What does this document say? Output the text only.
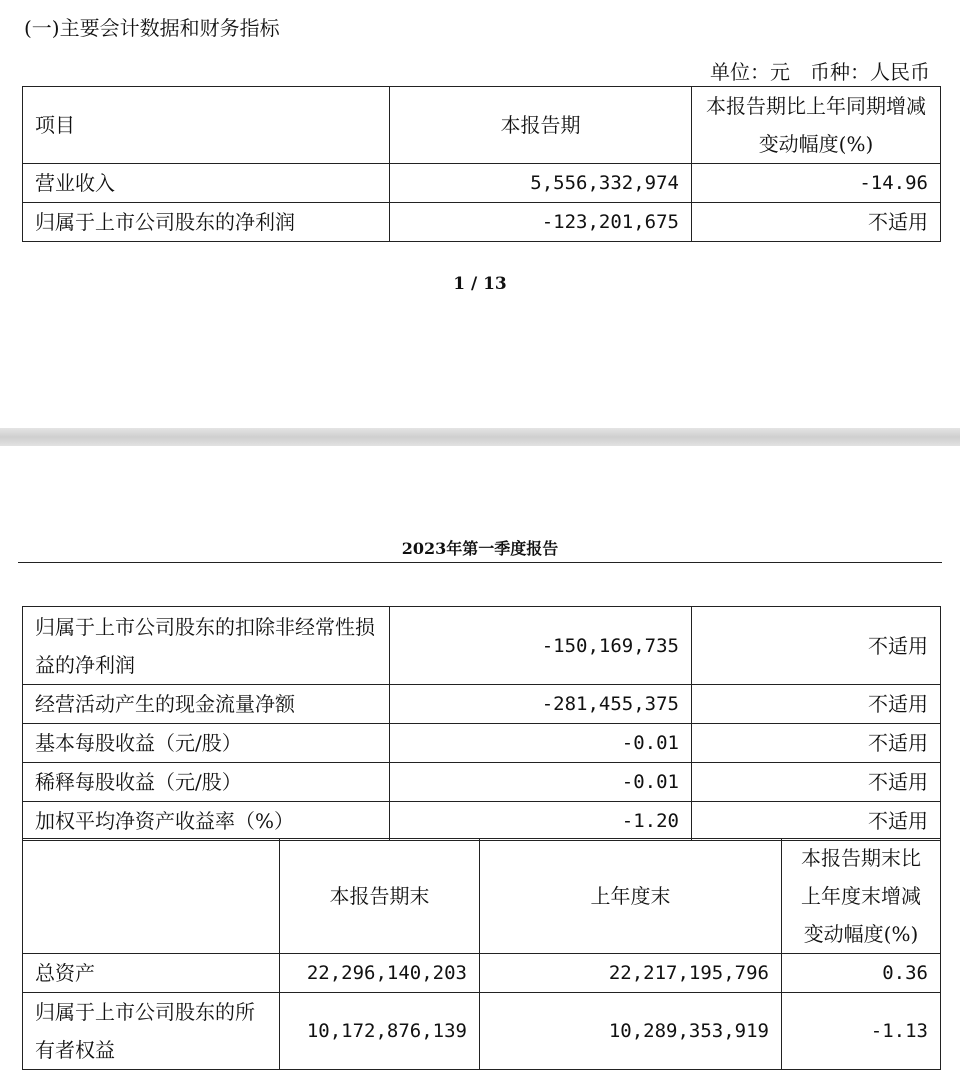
(一)主要会计数据和财务指标
单位：元　币种：人民币
项目	本报告期	本报告期比上年同期增减变动幅度(%)
营业收入	5,556,332,974	-14.96
归属于上市公司股东的净利润	-123,201,675	不适用
1 / 13
2023年第一季度报告
归属于上市公司股东的扣除非经常性损益的净利润	-150,169,735	不适用
经营活动产生的现金流量净额	-281,455,375	不适用
基本每股收益（元/股）	-0.01	不适用
稀释每股收益（元/股）	-0.01	不适用
加权平均净资产收益率（%）	-1.20	不适用
	本报告期末	上年度末	本报告期末比上年度末增减变动幅度(%)
总资产	22,296,140,203	22,217,195,796	0.36
归属于上市公司股东的所有者权益	10,172,876,139	10,289,353,919	-1.13
